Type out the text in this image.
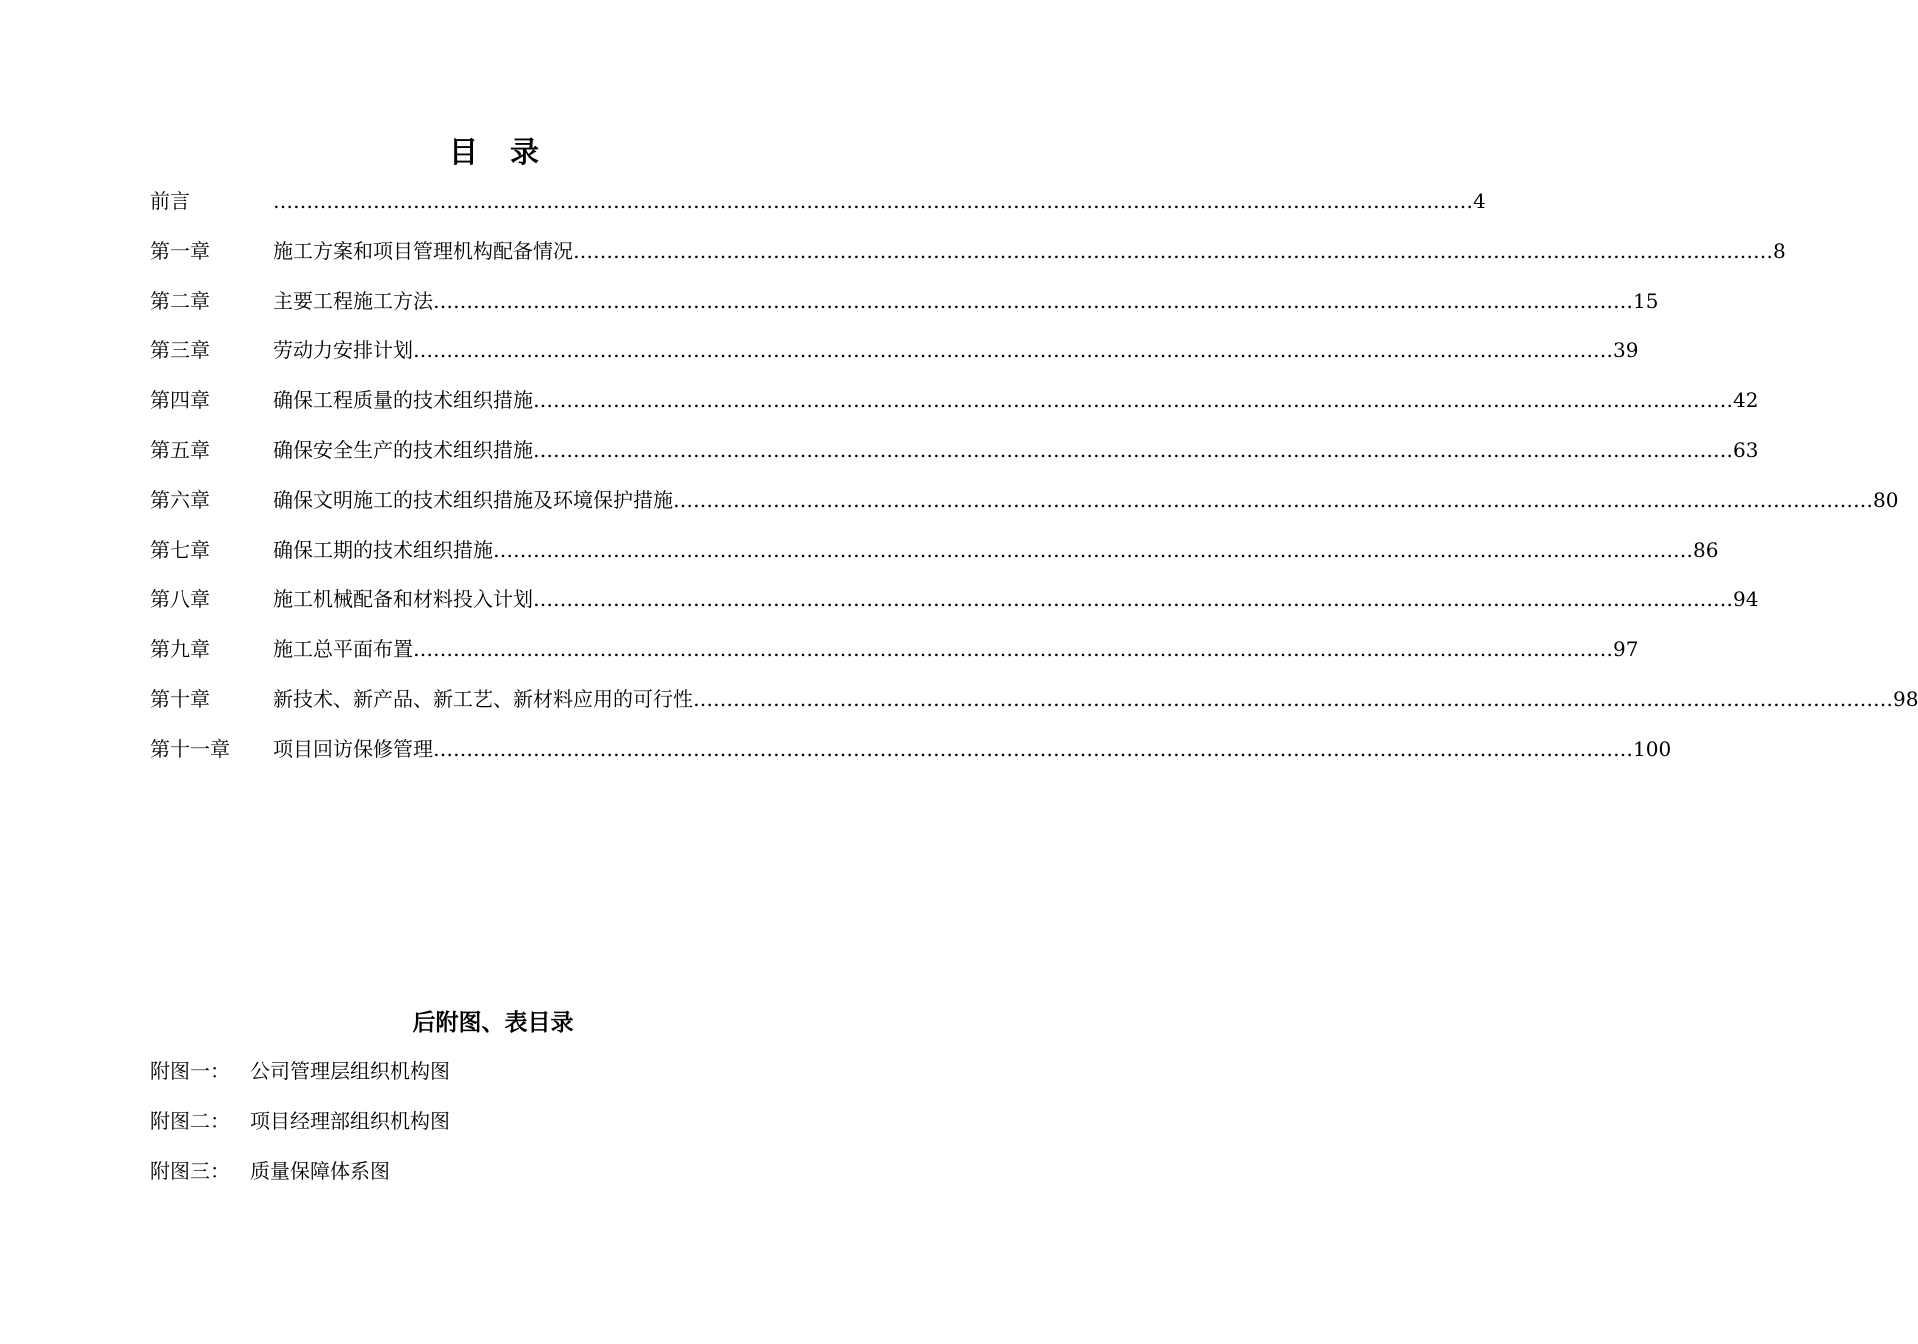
目 录
前言	……………………………………………………………………………………………………………………………………………………………… 4
第一章	施工方案和项目管理机构配备情况 ……………………………………………………………………………………………………………………………………………………………… 8
第二章	主要工程施工方法 ……………………………………………………………………………………………………………………………………………………………… 15
第三章	劳动力安排计划 ……………………………………………………………………………………………………………………………………………………………… 39
第四章	确保工程质量的技术组织措施 ……………………………………………………………………………………………………………………………………………………………… 42
第五章	确保安全生产的技术组织措施 ……………………………………………………………………………………………………………………………………………………………… 63
第六章	确保文明施工的技术组织措施及环境保护措施 ……………………………………………………………………………………………………………………………………………………………… 80
第七章	确保工期的技术组织措施 ……………………………………………………………………………………………………………………………………………………………… 86
第八章	施工机械配备和材料投入计划 ……………………………………………………………………………………………………………………………………………………………… 94
第九章	施工总平面布置 ……………………………………………………………………………………………………………………………………………………………… 97
第十章	新技术、新产品、新工艺、新材料应用的可行性 ……………………………………………………………………………………………………………………………………………………………… 98
第十一章	项目回访保修管理 ……………………………………………………………………………………………………………………………………………………………… 100
后附图、表目录
附图一： 公司管理层组织机构图
附图二： 项目经理部组织机构图
附图三： 质量保障体系图
